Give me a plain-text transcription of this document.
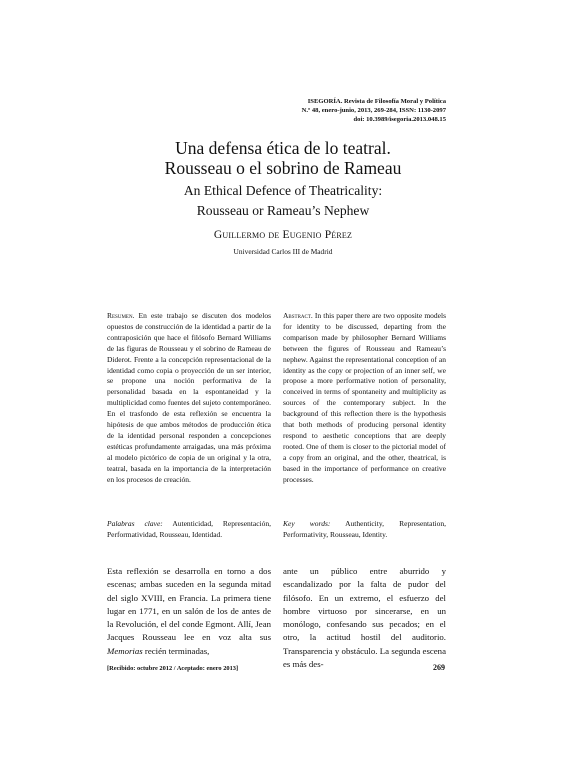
ISEGORÍA. Revista de Filosofía Moral y Política
N.º 48, enero-junio, 2013, 269-284, ISSN: 1130-2097
doi: 10.3989/isegoria.2013.048.15
Una defensa ética de lo teatral.
Rousseau o el sobrino de Rameau
An Ethical Defence of Theatricality:
Rousseau or Rameau’s Nephew
Guillermo de Eugenio Pérez
Universidad Carlos III de Madrid
Resumen. En este trabajo se discuten dos modelos opuestos de construcción de la identidad a partir de la contraposición que hace el filósofo Bernard Williams de las figuras de Rousseau y el sobrino de Rameau de Diderot. Frente a la concepción representacional de la identidad como copia o proyección de un ser interior, se propone una noción performativa de la personalidad basada en la espontaneidad y la multiplicidad como fuentes del sujeto contemporáneo. En el trasfondo de esta reflexión se encuentra la hipótesis de que ambos métodos de producción ética de la identidad personal responden a concepciones estéticas profundamente arraigadas, una más próxima al modelo pictórico de copia de un original y la otra, teatral, basada en la importancia de la interpretación en los procesos de creación.
Abstract. In this paper there are two opposite models for identity to be discussed, departing from the comparison made by philosopher Bernard Williams between the figures of Rousseau and Rameau’s nephew. Against the representational conception of an identity as the copy or projection of an inner self, we propose a more performative notion of personality, conceived in terms of spontaneity and multiplicity as sources of the contemporary subject. In the background of this reflection there is the hypothesis that both methods of producing personal identity respond to aesthetic conceptions that are deeply rooted. One of them is closer to the pictorial model of a copy from an original, and the other, theatrical, is based in the importance of performance on creative processes.
Palabras clave: Autenticidad, Representación, Performatividad, Rousseau, Identidad.
Key words: Authenticity, Representation, Performativity, Rousseau, Identity.
Esta reflexión se desarrolla en torno a dos escenas; ambas suceden en la segunda mitad del siglo XVIII, en Francia. La primera tiene lugar en 1771, en un salón de los de antes de la Revolución, el del conde Egmont. Allí, Jean Jacques Rousseau lee en voz alta sus Memorias recién terminadas,
ante un público entre aburrido y escandalizado por la falta de pudor del filósofo. En un extremo, el esfuerzo del hombre virtuoso por sincerarse, en un monólogo, confesando sus pecados; en el otro, la actitud hostil del auditorio. Transparencia y obstáculo. La segunda escena es más des-
[Recibido: octubre 2012 / Aceptado: enero 2013]	269
